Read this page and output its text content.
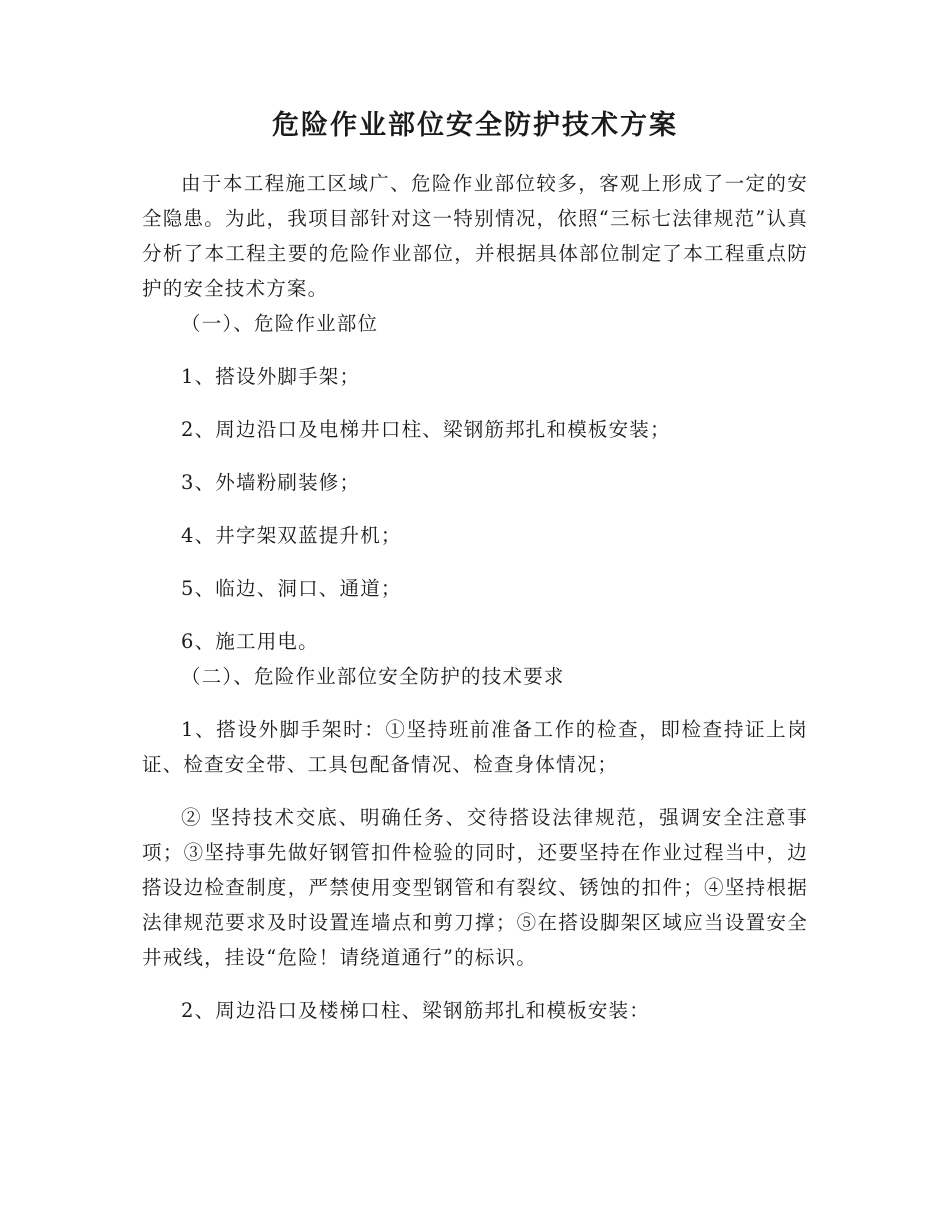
危险作业部位安全防护技术方案

由于本工程施工区域广、危险作业部位较多，客观上形成了一定的安全隐患。为此，我项目部针对这一特别情况，依照“三标七法律规范”认真分析了本工程主要的危险作业部位，并根据具体部位制定了本工程重点防护的安全技术方案。

（一）、危险作业部位

1、搭设外脚手架；

2、周边沿口及电梯井口柱、梁钢筋邦扎和模板安装；

3、外墙粉刷装修；

4、井字架双蓝提升机；

5、临边、洞口、通道；

6、施工用电。

（二）、危险作业部位安全防护的技术要求

1、搭设外脚手架时：①坚持班前准备工作的检查，即检查持证上岗证、检查安全带、工具包配备情况、检查身体情况；

② 坚持技术交底、明确任务、交待搭设法律规范，强调安全注意事项；③坚持事先做好钢管扣件检验的同时，还要坚持在作业过程当中，边搭设边检查制度，严禁使用变型钢管和有裂纹、锈蚀的扣件；④坚持根据法律规范要求及时设置连墙点和剪刀撑；⑤在搭设脚架区域应当设置安全井戒线，挂设“危险！请绕道通行”的标识。

2、周边沿口及楼梯口柱、梁钢筋邦扎和模板安装：
